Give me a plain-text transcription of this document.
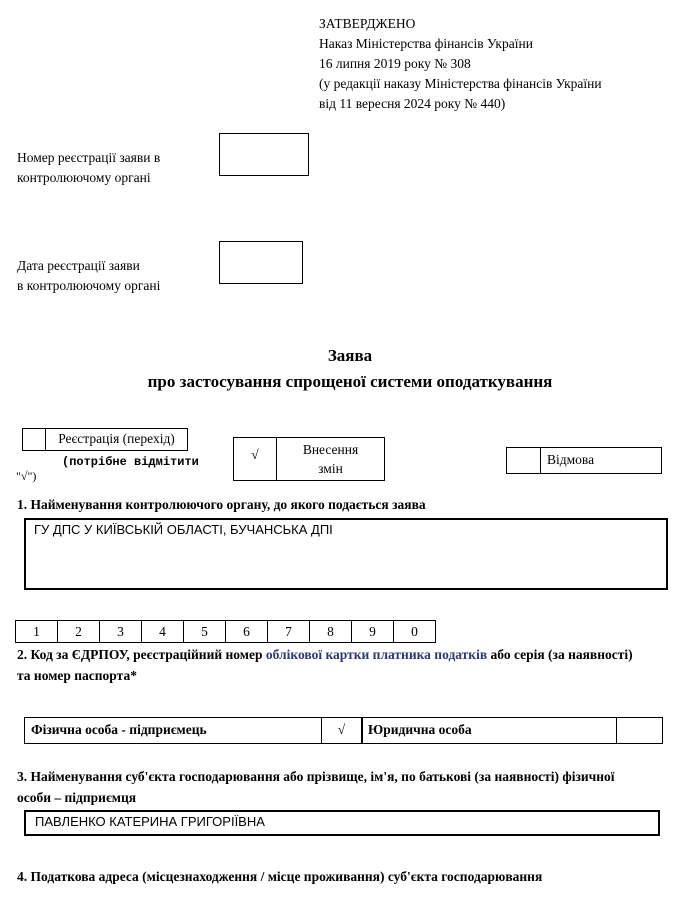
ЗАТВЕРДЖЕНО
Наказ Міністерства фінансів України
16 липня 2019 року № 308
(у редакції наказу Міністерства фінансів України
від 11 вересня 2024 року № 440)
Номер реєстрації заяви в
контролюючому органі
Дата реєстрації заяви
в контролюючому органі
Заява
про застосування спрощеної системи оподаткування
Реєстрація (перехід)
(потрібне відмітити
"√")
√	Внесення
змін
Відмова
1. Найменування контролюючого органу, до якого подається заява
ГУ ДПС У КИЇВСЬКІЙ ОБЛАСТІ, БУЧАНСЬКА ДПІ
1	2	3	4	5	6	7	8	9	0
2. Код за ЄДРПОУ, реєстраційний номер облікової картки платника податків або серія (за наявності)
та номер паспорта*
Фізична особа - підприємець	√	Юридична особа
3. Найменування суб'єкта господарювання або прізвище, ім'я, по батькові (за наявності) фізичної
особи – підприємця
ПАВЛЕНКО КАТЕРИНА ГРИГОРІЇВНА
4. Податкова адреса (місцезнаходження / місце проживання) суб'єкта господарювання
